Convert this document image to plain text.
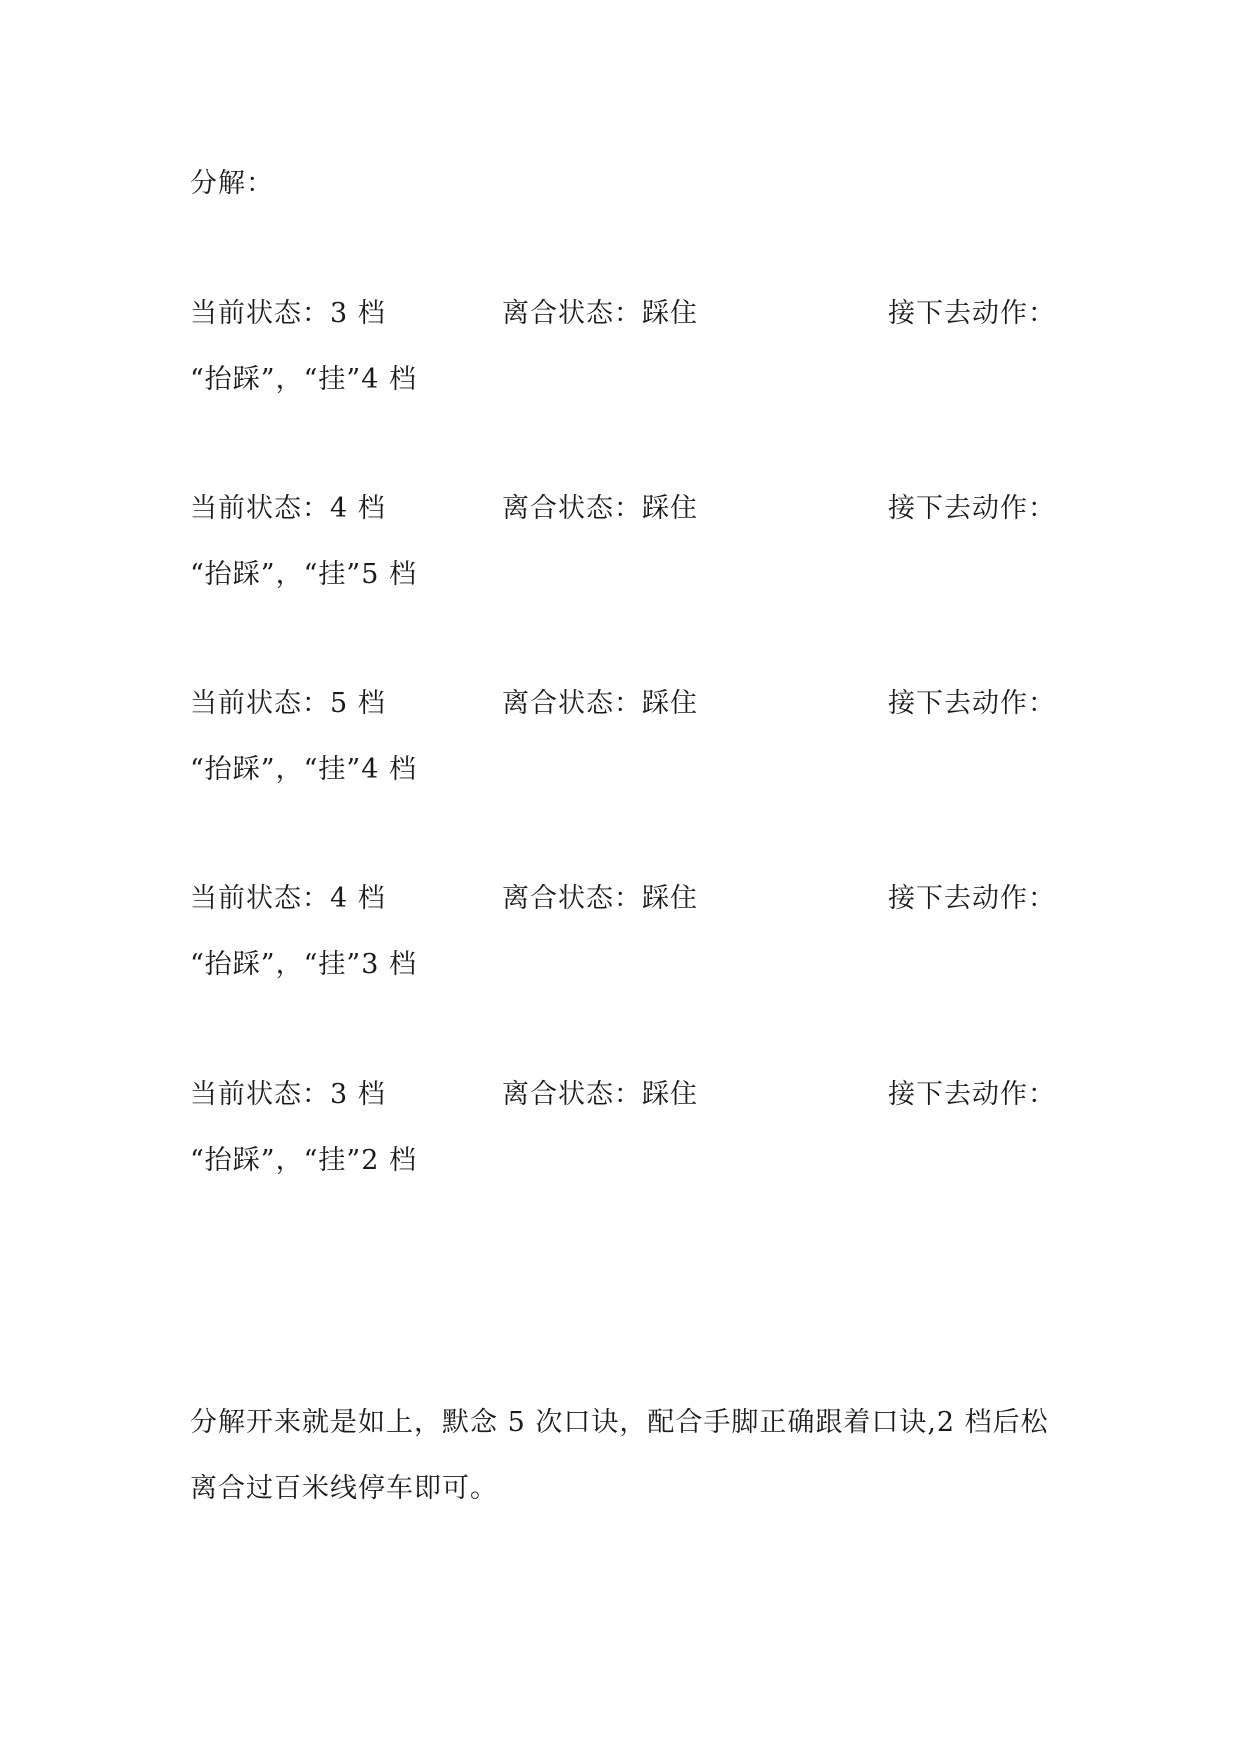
分解：
当前状态：3 档	离合状态：踩住	接下去动作：
“抬踩”，“挂”4 档
当前状态：4 档	离合状态：踩住	接下去动作：
“抬踩”，“挂”5 档
当前状态：5 档	离合状态：踩住	接下去动作：
“抬踩”，“挂”4 档
当前状态：4 档	离合状态：踩住	接下去动作：
“抬踩”，“挂”3 档
当前状态：3 档	离合状态：踩住	接下去动作：
“抬踩”，“挂”2 档
分解开来就是如上，默念 5 次口诀，配合手脚正确跟着口诀,2 档后松
离合过百米线停车即可。
